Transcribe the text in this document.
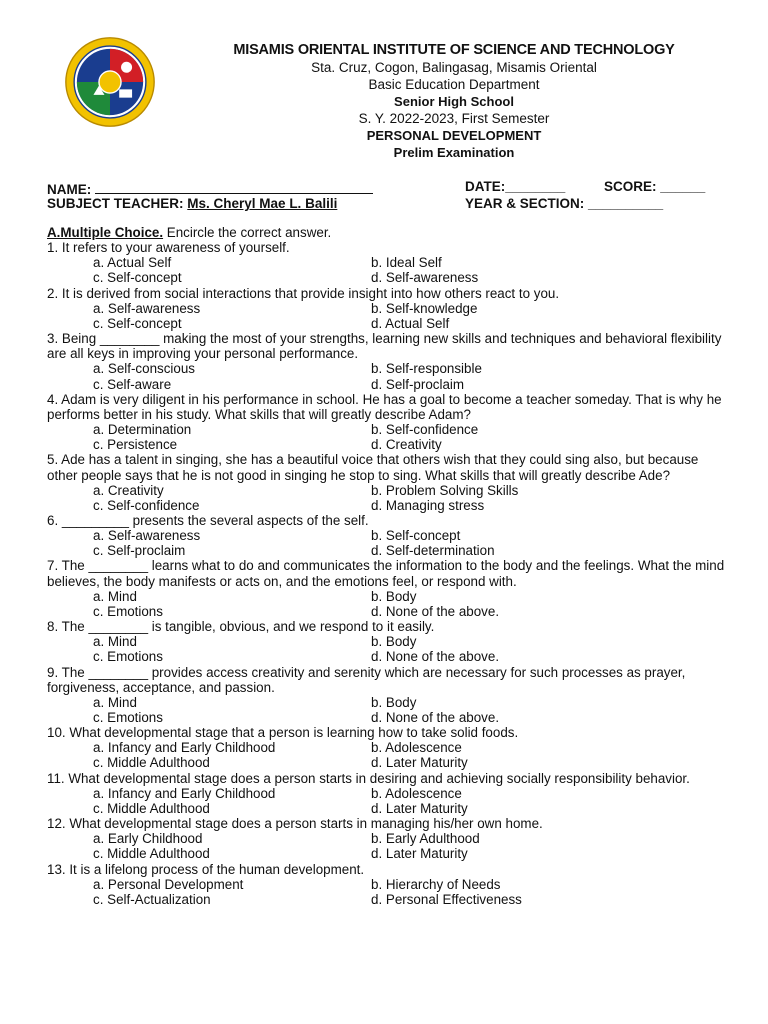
MISAMIS ORIENTAL INSTITUTE OF SCIENCE AND TECHNOLOGY
Sta. Cruz, Cogon, Balingasag, Misamis Oriental
Basic Education Department
Senior High School
S. Y. 2022-2023, First Semester
PERSONAL DEVELOPMENT
Prelim Examination
NAME:	DATE:________	SCORE: ______
SUBJECT TEACHER: Ms. Cheryl Mae L. Balili	YEAR & SECTION: __________
A.Multiple Choice. Encircle the correct answer.
1. It refers to your awareness of yourself.
a. Actual Self	b. Ideal Self
c. Self-concept	d. Self-awareness
2. It is derived from social interactions that provide insight into how others react to you.
a. Self-awareness	b. Self-knowledge
c. Self-concept	d. Actual Self
3. Being ________ making the most of your strengths, learning new skills and techniques and behavioral flexibility are all keys in improving your personal performance.
a. Self-conscious	b. Self-responsible
c. Self-aware	d. Self-proclaim
4. Adam is very diligent in his performance in school. He has a goal to become a teacher someday. That is why he performs better in his study. What skills that will greatly describe Adam?
a. Determination	b. Self-confidence
c. Persistence	d. Creativity
5. Ade has a talent in singing, she has a beautiful voice that others wish that they could sing also, but because other people says that he is not good in singing he stop to sing. What skills that will greatly describe Ade?
a. Creativity	b. Problem Solving Skills
c. Self-confidence	d. Managing stress
6. _________ presents the several aspects of the self.
a. Self-awareness	b. Self-concept
c. Self-proclaim	d. Self-determination
7. The ________ learns what to do and communicates the information to the body and the feelings. What the mind believes, the body manifests or acts on, and the emotions feel, or respond with.
a. Mind	b. Body
c. Emotions	d. None of the above.
8. The ________ is tangible, obvious, and we respond to it easily.
a. Mind	b. Body
c. Emotions	d. None of the above.
9. The ________ provides access creativity and serenity which are necessary for such processes as prayer, forgiveness, acceptance, and passion.
a. Mind	b. Body
c. Emotions	d. None of the above.
10. What developmental stage that a person is learning how to take solid foods.
a. Infancy and Early Childhood	b. Adolescence
c. Middle Adulthood	d. Later Maturity
11. What developmental stage does a person starts in desiring and achieving socially responsibility behavior.
a. Infancy and Early Childhood	b. Adolescence
c. Middle Adulthood	d. Later Maturity
12. What developmental stage does a person starts in managing his/her own home.
a. Early Childhood	b. Early Adulthood
c. Middle Adulthood	d. Later Maturity
13. It is a lifelong process of the human development.
a. Personal Development	b. Hierarchy of Needs
c. Self-Actualization	d. Personal Effectiveness
